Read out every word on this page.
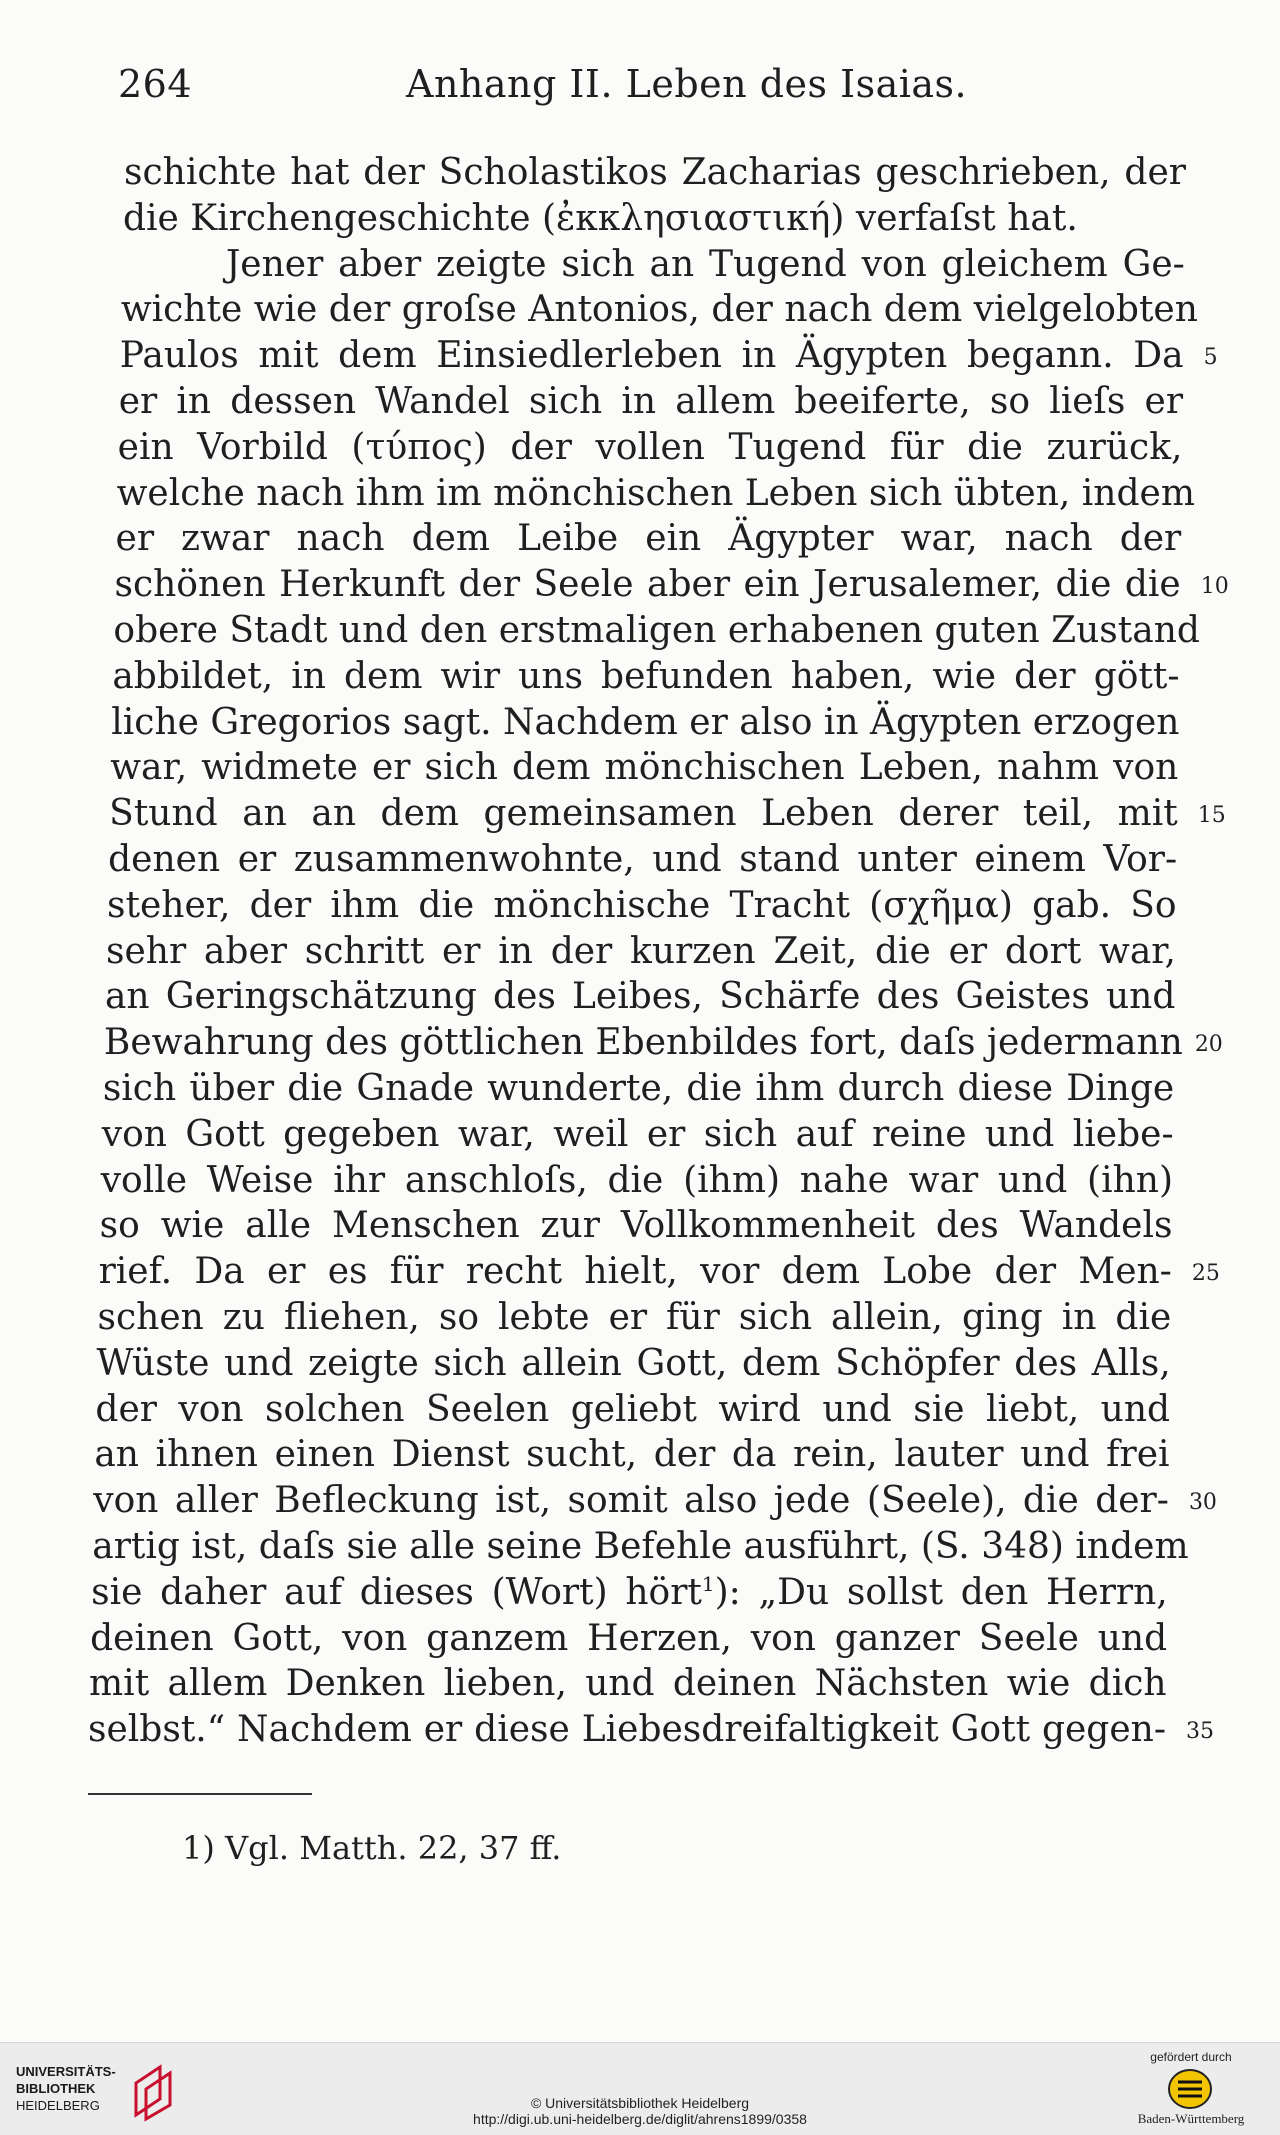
264	Anhang II. Leben des Isaias.
schichte hat der Scholastikos Zacharias geschrieben, der
die Kirchengeschichte (ἐκκλησιαστική) verfaſst hat.
Jener aber zeigte sich an Tugend von gleichem Ge-
wichte wie der groſse Antonios, der nach dem vielgelobten
Paulos mit dem Einsiedlerleben in Ägypten begann. Da 5
er in dessen Wandel sich in allem beeiferte, so lieſs er
ein Vorbild (τύπος) der vollen Tugend für die zurück,
welche nach ihm im mönchischen Leben sich übten, indem
er zwar nach dem Leibe ein Ägypter war, nach der
schönen Herkunft der Seele aber ein Jerusalemer, die die 10
obere Stadt und den erstmaligen erhabenen guten Zustand
abbildet, in dem wir uns befunden haben, wie der gött-
liche Gregorios sagt. Nachdem er also in Ägypten erzogen
war, widmete er sich dem mönchischen Leben, nahm von
Stund an an dem gemeinsamen Leben derer teil, mit 15
denen er zusammenwohnte, und stand unter einem Vor-
steher, der ihm die mönchische Tracht (σχῆμα) gab. So
sehr aber schritt er in der kurzen Zeit, die er dort war,
an Geringschätzung des Leibes, Schärfe des Geistes und
Bewahrung des göttlichen Ebenbildes fort, daſs jedermann 20
sich über die Gnade wunderte, die ihm durch diese Dinge
von Gott gegeben war, weil er sich auf reine und liebe-
volle Weise ihr anschloſs, die (ihm) nahe war und (ihn)
so wie alle Menschen zur Vollkommenheit des Wandels
rief. Da er es für recht hielt, vor dem Lobe der Men- 25
schen zu fliehen, so lebte er für sich allein, ging in die
Wüste und zeigte sich allein Gott, dem Schöpfer des Alls,
der von solchen Seelen geliebt wird und sie liebt, und
an ihnen einen Dienst sucht, der da rein, lauter und frei
von aller Befleckung ist, somit also jede (Seele), die der- 30
artig ist, daſs sie alle seine Befehle ausführt, (S. 348) indem
sie daher auf dieses (Wort) hört$^1$): „Du sollst den Herrn,
deinen Gott, von ganzem Herzen, von ganzer Seele und
mit allem Denken lieben, und deinen Nächsten wie dich
selbst.“ Nachdem er diese Liebesdreifaltigkeit Gott gegen- 35
1) Vgl. Matth. 22, 37 ff.
UNIVERSITÄTS-
BIBLIOTHEK
HEIDELBERG	© Universitätsbibliothek Heidelberg
http://digi.ub.uni-heidelberg.de/diglit/ahrens1899/0358
gefördert durch
Baden-Württemberg
